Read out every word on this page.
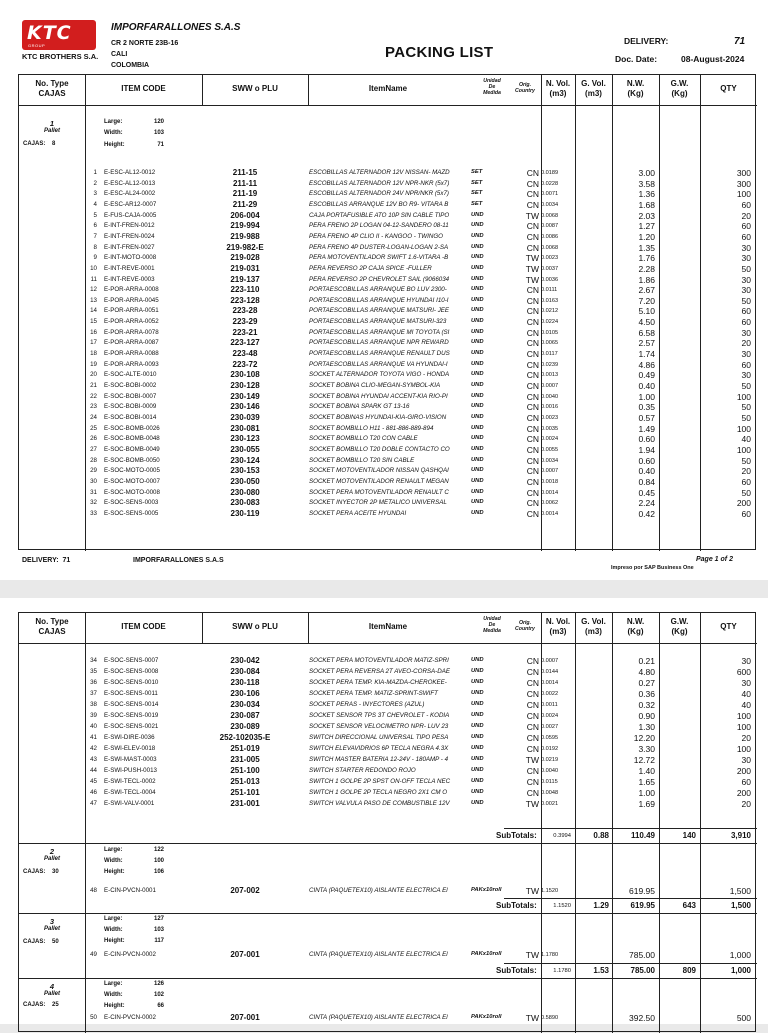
KTC
GROUP
KTC BROTHERS S.A.
IMPORFARALLONES S.A.S
CR 2 NORTE 23B-16
CALI
COLOMBIA
PACKING LIST
DELIVERY:	71
Doc. Date:	08-August-2024
No. Type
CAJAS
ITEM CODE	SWW o PLU	ItemName
Unidad
De
Medida
Orig.
Country
N. Vol.
(m3)
G. Vol.
(m3)
N.W.
(Kg)
G.W.
(Kg)
QTY
1
Pallet
CAJAS: 8
Large:	120
Width:	103
Height:	71
1 E-ESC-AL12-0012	211-15	ESCOBILLAS ALTERNADOR 12V NISSAN- MAZD	SET	CN 0.0189	3.00	300
2 E-ESC-AL12-0013	211-11	ESCOBILLAS ALTERNADOR 12V NPR-NKR (5x7)	SET	CN 0.0228	3.58	300
3 E-ESC-AL24-0002	211-19	ESCOBILLAS ALTERNADOR 24V NPR/NKR (5x7)	SET	CN 0.0071	1.36	100
4 E-ESC-AR12-0007	211-29	ESCOBILLAS ARRANQUE 12V BO R9- VITARA B	SET	CN 0.0034	1.68	60
5 E-FUS-CAJA-0005	206-004	CAJA PORTAFUSIBLE ATO 10P SIN CABLE TIPO	UND	TW 0.0068	2.03	20
6 E-INT-FREN-0012	219-994	PERA FRENO 2P LOGAN 04-12-SANDERO 08-11	UND	CN 0.0087	1.27	60
7 E-INT-FREN-0024	219-988	PERA FRENO 4P CLIO II - KANGOO - TWINGO	UND	CN 0.0086	1.20	60
8 E-INT-FREN-0027	219-982-E	PERA FRENO 4P DUSTER-LOGAN-LOGAN 2-SA	UND	CN 0.0068	1.35	30
9 E-INT-MOTO-0008	219-028	PERA MOTOVENTILADOR SWIFT 1.6-VITARA -B	UND	TW 0.0023	1.76	30
10 E-INT-REVE-0001	219-031	PERA REVERSO 2P CAJA SPICE -FULLER	UND	TW 0.0037	2.28	50
11 E-INT-REVE-0003	219-137	PERA REVERSO 2P CHEVROLET SAIL (9066034	UND	TW 0.0036	1.86	30
12 E-POR-ARRA-0008	223-110	PORTAESCOBILLAS ARRANQUE BO LUV 2300-	UND	CN 0.0111	2.67	30
13 E-POR-ARRA-0045	223-128	PORTAESCOBILLAS ARRANQUE HYUNDAI I10-I	UND	CN 0.0163	7.20	50
14 E-POR-ARRA-0051	223-28	PORTAESCOBILLAS ARRANQUE MATSURI- JEE	UND	CN 0.0212	5.10	60
15 E-POR-ARRA-0052	223-29	PORTAESCOBILLAS ARRANQUE MATSURI-323	UND	CN 0.0224	4.50	60
16 E-POR-ARRA-0078	223-21	PORTAESCOBILLAS ARRANQUE MI TOYOTA (SI	UND	CN 0.0105	6.58	30
17 E-POR-ARRA-0087	223-127	PORTAESCOBILLAS ARRANQUE NPR REWARD	UND	CN 0.0065	2.57	20
18 E-POR-ARRA-0088	223-48	PORTAESCOBILLAS ARRANQUE RENAULT DUS	UND	CN 0.0117	1.74	30
19 E-POR-ARRA-0093	223-72	PORTAESCOBILLAS ARRANQUE VA HYUNDAI-I	UND	CN 0.0239	4.86	60
20 E-SOC-ALTE-0010	230-108	SOCKET ALTERNADOR TOYOTA VIGO - HONDA	UND	CN 0.0013	0.49	30
21 E-SOC-BOBI-0002	230-128	SOCKET BOBINA CLIO-MEGAN-SYMBOL-KIA	UND	CN 0.0007	0.40	50
22 E-SOC-BOBI-0007	230-149	SOCKET BOBINA HYUNDAI ACCENT-KIA RIO-PI	UND	CN 0.0040	1.00	100
23 E-SOC-BOBI-0009	230-146	SOCKET BOBINA SPARK GT 13-16	UND	CN 0.0016	0.35	50
24 E-SOC-BOBI-0014	230-039	SOCKET BOBINAS HYUNDAI-KIA-GIRO-VISION	UND	CN 0.0023	0.57	50
25 E-SOC-BOMB-0026	230-081	SOCKET BOMBILLO H11 - 881-886-889-894	UND	CN 0.0035	1.49	100
26 E-SOC-BOMB-0048	230-123	SOCKET BOMBILLO T20 CON CABLE	UND	CN 0.0024	0.60	40
27 E-SOC-BOMB-0049	230-055	SOCKET BOMBILLO T20 DOBLE CONTACTO CO	UND	CN 0.0055	1.94	100
28 E-SOC-BOMB-0050	230-124	SOCKET BOMBILLO T20 SIN CABLE	UND	CN 0.0034	0.60	50
29 E-SOC-MOTO-0005	230-153	SOCKET MOTOVENTILADOR NISSAN QASHQAI	UND	CN 0.0007	0.40	20
30 E-SOC-MOTO-0007	230-050	SOCKET MOTOVENTILADOR RENAULT MEGAN	UND	CN 0.0018	0.84	60
31 E-SOC-MOTO-0008	230-080	SOCKET PERA MOTOVENTILADOR RENAULT C	UND	CN 0.0014	0.45	50
32 E-SOC-SENS-0003	230-083	SOCKET INYECTOR 2P METALICO UNIVERSAL	UND	CN 0.0062	2.24	200
33 E-SOC-SENS-0005	230-119	SOCKET PERA ACEITE HYUNDAI	UND	CN 0.0014	0.42	60
DELIVERY: 71	IMPORFARALLONES S.A.S	Page 1 of 2
Impreso por SAP Business One
No. Type
CAJAS
ITEM CODE	SWW o PLU	ItemName
Unidad
De
Medida
Orig.
Country
N. Vol.
(m3)
G. Vol.
(m3)
N.W.
(Kg)
G.W.
(Kg)
QTY
34 E-SOC-SENS-0007	230-042	SOCKET PERA MOTOVENTILADOR MATIZ-SPRI	UND	CN 0.0007	0.21	30
35 E-SOC-SENS-0008	230-084	SOCKET PERA REVERSA 2T AVEO-CORSA-DAE	UND	CN 0.0144	4.80	600
36 E-SOC-SENS-0010	230-118	SOCKET PERA TEMP. KIA-MAZDA-CHEROKEE-	UND	CN 0.0014	0.27	30
37 E-SOC-SENS-0011	230-106	SOCKET PERA TEMP. MATIZ-SPRINT-SWIFT	UND	CN 0.0022	0.36	40
38 E-SOC-SENS-0014	230-034	SOCKET PERAS - INYECTORES (AZUL)	UND	CN 0.0011	0.32	40
39 E-SOC-SENS-0019	230-087	SOCKET SENSOR TPS 3T CHEVROLET - KODIA	UND	CN 0.0024	0.90	100
40 E-SOC-SENS-0021	230-089	SOCKET SENSOR VELOCIMETRO NPR- LUV 23	UND	CN 0.0027	1.30	100
41 E-SWI-DIRE-0036	252-102035-E	SWITCH DIRECCIONAL UNIVERSAL TIPO PESA	UND	CN 0.0595	12.20	20
42 E-SWI-ELEV-0018	251-019	SWITCH ELEVAVIDRIOS 6P TECLA NEGRA 4.3X	UND	CN 0.0192	3.30	100
43 E-SWI-MAST-0003	231-005	SWITCH MASTER BATERIA 12-24V - 180AMP - 4	UND	TW 0.0219	12.72	30
44 E-SWI-PUSH-0013	251-100	SWITCH STARTER REDONDO ROJO	UND	CN 0.0040	1.40	200
45 E-SWI-TECL-0002	251-013	SWITCH 1 GOLPE 2P SPST ON-OFF TECLA NEC	UND	CN 0.0115	1.65	60
46 E-SWI-TECL-0004	251-101	SWITCH 1 GOLPE 2P TECLA NEGRO 2X1 CM O	UND	CN 0.0048	1.00	200
47 E-SWI-VALV-0001	231-001	SWITCH VALVULA PASO DE COMBUSTIBLE 12V	UND	TW 0.0021	1.69	20
SubTotals:	0.3994	0.88	110.49	140	3,910
2
Pallet
CAJAS: 30
Large:	122
Width:	100
Height:	106
48 E-CIN-PVCN-0001	207-002	CINTA (PAQUETEX10) AISLANTE ELECTRICA El	PAKx10roll	TW 1.1520	619.95	1,500
SubTotals:	1.1520	1.29	619.95	643	1,500
3
Pallet
CAJAS: 50
Large:	127
Width:	103
Height:	117
49 E-CIN-PVCN-0002	207-001	CINTA (PAQUETEX10) AISLANTE ELECTRICA El	PAKx10roll	TW 1.1780	785.00	1,000
SubTotals:	1.1780	1.53	785.00	809	1,000
4
Pallet
CAJAS: 25
Large:	126
Width:	102
Height:	66
50 E-CIN-PVCN-0002	207-001	CINTA (PAQUETEX10) AISLANTE ELECTRICA El	PAKx10roll	TW 0.5890	392.50	500
